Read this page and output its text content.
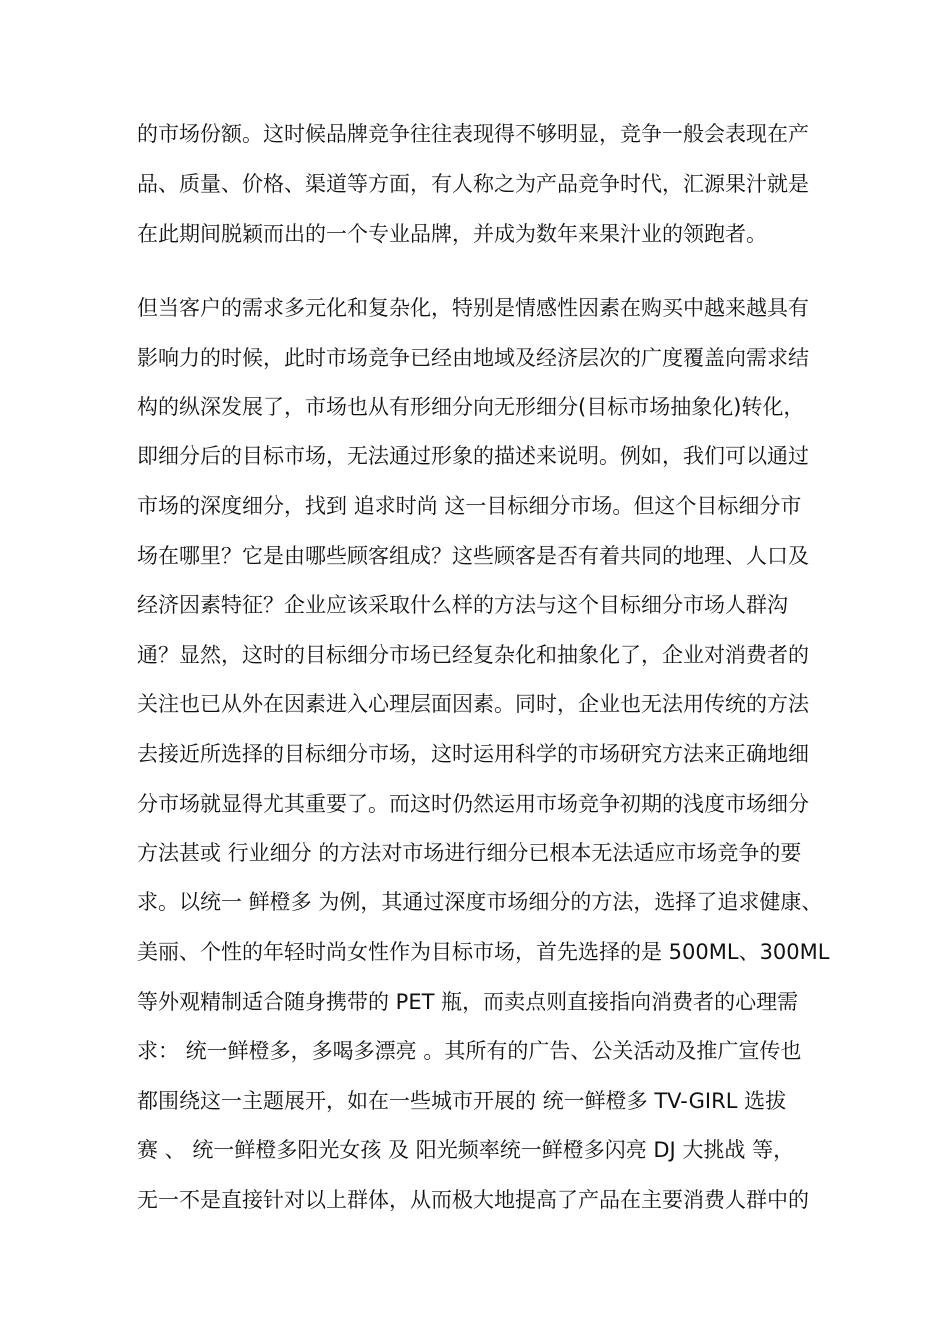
的市场份额。这时候品牌竞争往往表现得不够明显，竞争一般会表现在产
品、质量、价格、渠道等方面，有人称之为产品竞争时代，汇源果汁就是
在此期间脱颖而出的一个专业品牌，并成为数年来果汁业的领跑者。
但当客户的需求多元化和复杂化，特别是情感性因素在购买中越来越具有
影响力的时候，此时市场竞争已经由地域及经济层次的广度覆盖向需求结
构的纵深发展了，市场也从有形细分向无形细分(目标市场抽象化)转化，
即细分后的目标市场，无法通过形象的描述来说明。例如，我们可以通过
市场的深度细分，找到 追求时尚 这一目标细分市场。但这个目标细分市
场在哪里？它是由哪些顾客组成？这些顾客是否有着共同的地理、人口及
经济因素特征？企业应该采取什么样的方法与这个目标细分市场人群沟
通？显然，这时的目标细分市场已经复杂化和抽象化了，企业对消费者的
关注也已从外在因素进入心理层面因素。同时，企业也无法用传统的方法
去接近所选择的目标细分市场，这时运用科学的市场研究方法来正确地细
分市场就显得尤其重要了。而这时仍然运用市场竞争初期的浅度市场细分
方法甚或 行业细分 的方法对市场进行细分已根本无法适应市场竞争的要
求。以统一 鲜橙多 为例，其通过深度市场细分的方法，选择了追求健康、
美丽、个性的年轻时尚女性作为目标市场，首先选择的是 500ML、300ML
等外观精制适合随身携带的 PET 瓶，而卖点则直接指向消费者的心理需
求： 统一鲜橙多，多喝多漂亮 。其所有的广告、公关活动及推广宣传也
都围绕这一主题展开，如在一些城市开展的 统一鲜橙多 TV-GIRL 选拔
赛 、 统一鲜橙多阳光女孩 及 阳光频率统一鲜橙多闪亮 DJ 大挑战 等，
无一不是直接针对以上群体，从而极大地提高了产品在主要消费人群中的
